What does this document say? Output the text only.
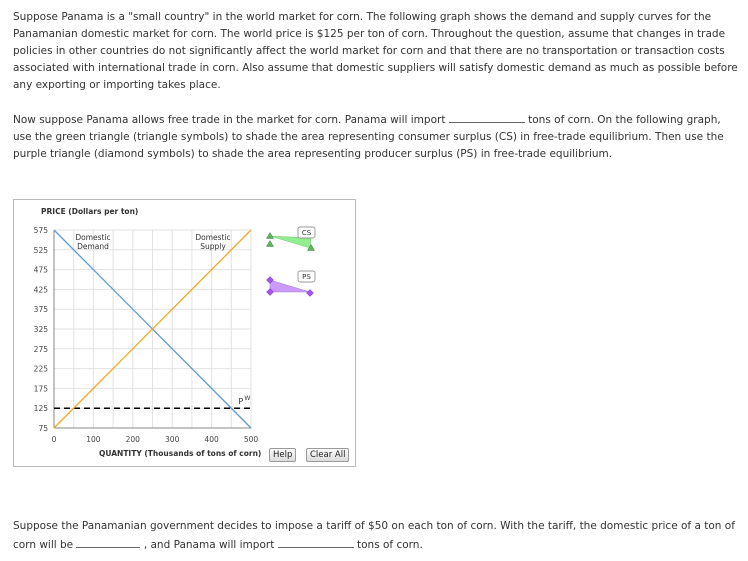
Suppose Panama is a "small country" in the world market for corn. The following graph shows the demand and supply curves for the Panamanian domestic market for corn. The world price is $125 per ton of corn. Throughout the question, assume that changes in trade policies in other countries do not significantly affect the world market for corn and that there are no transportation or transaction costs associated with international trade in corn. Also assume that domestic suppliers will satisfy domestic demand as much as possible before any exporting or importing takes place.
Now suppose Panama allows free trade in the market for corn. Panama will import	tons of corn. On the following graph, use the green triangle (triangle symbols) to shade the area representing consumer surplus (CS) in free-trade equilibrium. Then use the purple triangle (diamond symbols) to shade the area representing producer surplus (PS) in free-trade equilibrium.
75
125
175
225
275
325
375
425
475
525
575
0	100	200	300	400	500
PRICE (Dollars per ton)
QUANTITY (Thousands of tons of corn)
P W
Domestic
Demand
Domestic
Supply
CS
PS
Help	Clear All
Suppose the Panamanian government decides to impose a tariff of $50 on each ton of corn. With the tariff, the domestic price of a ton of corn will be	, and Panama will import	tons of corn.
